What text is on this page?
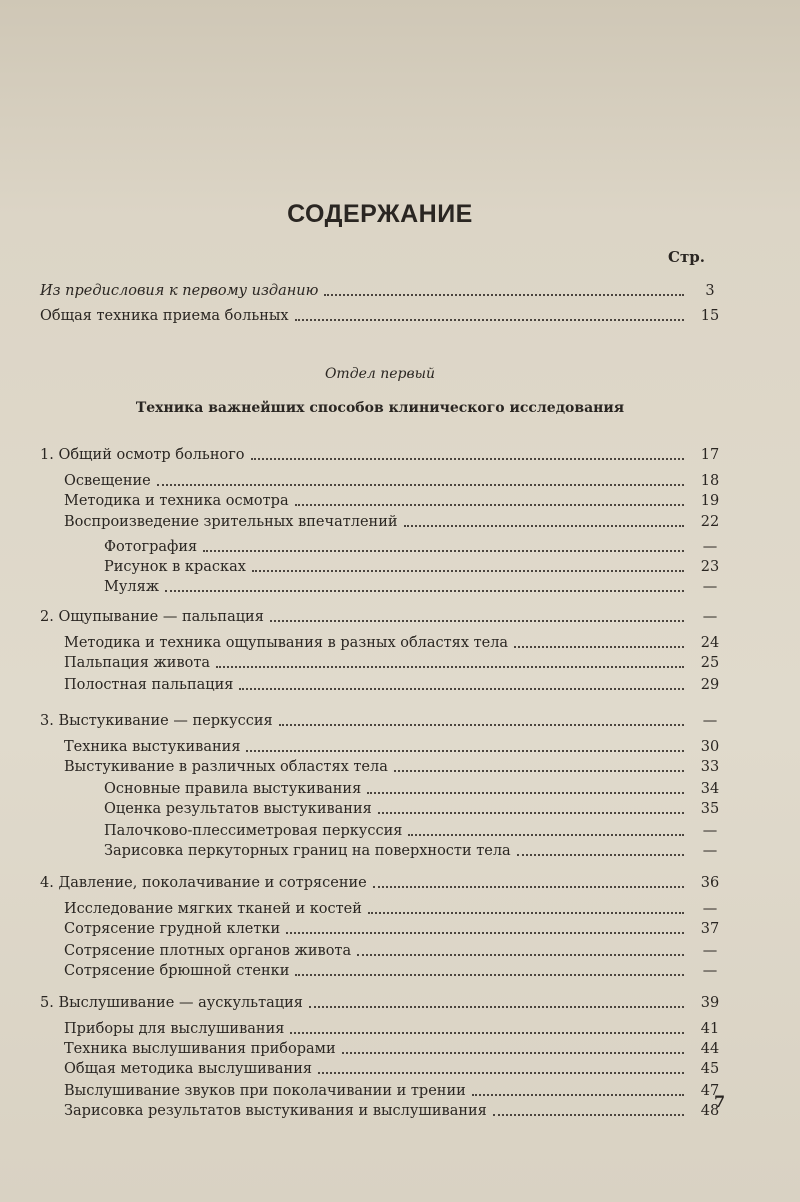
СОДЕРЖАНИЕ
Стр.
Из предисловия к первому изданию	3
Общая техника приема больных	15
Отдел первый
Техника важнейших способов клинического исследования
1. Общий осмотр больного	17
Освещение	18
Методика и техника осмотра	19
Воспроизведение зрительных впечатлений	22
Фотография	—
Рисунок в красках	23
Муляж	—
2. Ощупывание — пальпация	—
Методика и техника ощупывания в разных областях тела	24
Пальпация живота	25
Полостная пальпация	29
3. Выстукивание — перкуссия	—
Техника выстукивания	30
Выстукивание в различных областях тела	33
Основные правила выстукивания	34
Оценка результатов выстукивания	35
Палочково-плессиметровая перкуссия	—
Зарисовка перкуторных границ на поверхности тела	—
4. Давление, поколачивание и сотрясение	36
Исследование мягких тканей и костей	—
Сотрясение грудной клетки	37
Сотрясение плотных органов живота	—
Сотрясение брюшной стенки	—
5. Выслушивание — аускультация	39
Приборы для выслушивания	41
Техника выслушивания приборами	44
Общая методика выслушивания	45
Выслушивание звуков при поколачивании и трении	47
Зарисовка результатов выстукивания и выслушивания	48
7
